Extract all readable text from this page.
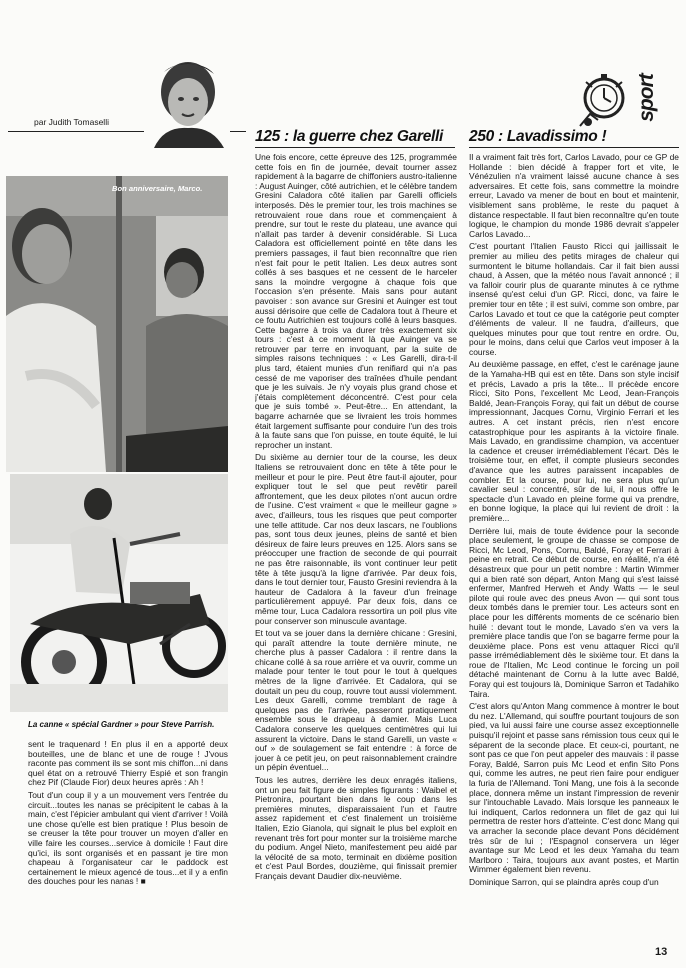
par Judith Tomaselli
sport
125 : la guerre chez Garelli 250 : Lavadissimo !
Bon anniversaire, Marco.
La canne « spécial Gardner » pour Steve Parrish.

Une fois encore, cette épreuve des 125, programmée cette fois en fin de journée, devait tourner assez rapidement à la bagarre de chiffoniers austro-italienne : August Auinger, côté autrichien, et le célèbre tandem Gresini Caladora côté italien par Garelli officiels interposés. Dès le premier tour, les trois machines se retrouvaient roue dans roue et commençaient à prendre, sur tout le reste du plateau, une avance qui n'allait pas tarder à devenir considérable. Si Luca Caladora est officiellement pointé en tête dans les premiers passages, il faut bien reconnaître que rien n'est fait pour le petit Italien. Les deux autres sont collés à ses basques et ne cessent de le harceler sans la moindre vergogne à chaque fois que l'occasion s'en présente. Mais sans pour autant pavoiser : son avance sur Gresini et Auinger est tout aussi dérisoire que celle de Cadalora tout à l'heure et ce foutu Autrichien est toujours collé à leurs basques. Cette bagarre à trois va durer très exactement six tours : c'est à ce moment là que Auinger va se retrouver par terre en invoquant, par la suite de simples raisons techniques : « Les Garelli, dira-t-il plus tard, étaient munies d'un renifiard qui n'a pas cessé de me vaporiser des traînées d'huile pendant que je les suivais. Je n'y voyais plus grand chose et j'étais complètement déconcentré. C'est pour cela que je suis tombé ». Peut-être... En attendant, la bagarre acharnée que se livraient les trois hommes était largement suffisante pour conduire l'un des trois à la faute sans que l'on puisse, en toute équité, le lui reprocher un instant.

Du sixième au dernier tour de la course, les deux Italiens se retrouvaient donc en tête à tête pour le meilleur et pour le pire. Peut être faut-il ajouter, pour expliquer tout le sel que peut revêtir pareil affrontement, que les deux pilotes n'ont aucun ordre de l'usine. C'est vraiment « que le meilleur gagne » avec, d'ailleurs, tous les risques que peut comporter une telle attitude. Car nos deux lascars, ne l'oublions pas, sont tous deux jeunes, pleins de santé et bien désireux de faire leurs preuves en 125. Alors sans se préoccuper une fraction de seconde de qui pourrait ne pas être raisonnable, ils vont continuer leur petit tête à tête jusqu'à la ligne d'arrivée. Par deux fois, dans le tout dernier tour, Fausto Gresini reviendra à la hauteur de Cadalora à la faveur d'un freinage particulièrement appuyé. Par deux fois, dans ce même tour, Luca Cadalora ressortira un poil plus vite pour conserver son minuscule avantage.

Et tout va se jouer dans la dernière chicane : Gresini, qui paraît attendre la toute dernière minute, ne cherche plus à passer Cadalora : il rentre dans la chicane collé à sa roue arrière et va ouvrir, comme un malade pour tenter le tout pour le tout à quelques mètres de la ligne d'arrivée. Et Cadalora, qui se doutait un peu du coup, rouvre tout aussi violemment. Les deux Garelli, comme tremblant de rage à quelques pas de l'arrivée, passeront pratiquement ensemble sous le drapeau à damier. Mais Luca Cadalora conserve les quelques centimètres qui lui assurent la victoire. Dans le stand Garelli, un vaste « ouf » de soulagement se fait entendre : à force de jouer à ce petit jeu, on peut raisonnablement craindre un pépin éventuel...

Tous les autres, derrière les deux enragés italiens, ont un peu fait figure de simples figurants : Waibel et Pietronira, pourtant bien dans le coup dans les premières minutes, disparaissaient l'un et l'autre assez rapidement et c'est finalement un troisième Italien, Ezio Gianola, qui signait le plus bel exploit en revenant très fort pour monter sur la troisième marche du podium. Angel Nieto, manifestement peu aidé par la vélocité de sa moto, terminait en dixième position et c'est Paul Bordes, douzième, qui finissait premier Français devant Daudier dix-neuvième.

Il a vraiment fait très fort, Carlos Lavado, pour ce GP de Hollande : bien décidé à frapper fort et vite, le Vénézulien n'a vraiment laissé aucune chance à ses adversaires. Et cette fois, sans commettre la moindre erreur, Lavado va mener de bout en bout et maintenir, visiblement sans problème, le reste du paquet à distance respectable. Il faut bien reconnaître qu'en toute logique, le champion du monde 1986 devrait s'appeler Carlos Lavado...

C'est pourtant l'Italien Fausto Ricci qui jaillissait le premier au milieu des petits mirages de chaleur qui surmontent le bitume hollandais. Car il fait bien aussi chaud, à Assen, que la météo nous l'avait annoncé ; il va falloir courir plus de quarante minutes à ce rythme insensé qu'est celui d'un GP. Ricci, donc, va faire le premier tour en tête ; il est suivi, comme son ombre, par Carlos Lavado et tout ce que la catégorie peut compter d'éléments de valeur. Il ne faudra, d'ailleurs, que quelques minutes pour que tout rentre en ordre. Ou, pour le moins, dans celui que Carlos veut imposer à la course.

Au deuxième passage, en effet, c'est le carénage jaune de la Yamaha-HB qui est en tête. Dans son style incisif et précis, Lavado a pris la tête... Il précède encore Ricci, Sito Pons, l'excellent Mc Leod, Jean-François Baldé, Jean-François Foray, qui fait un début de course impressionnant, Jacques Cornu, Virginio Ferrari et les autres. A cet instant précis, rien n'est encore catastrophique pour les aspirants à la victoire finale. Mais Lavado, en grandissime champion, va accentuer la cadence et creuser irrémédiablement l'écart. Dès le troisième tour, en effet, il compte plusieurs secondes d'avance que les autres paraissent incapables de combler. Et la course, pour lui, ne sera plus qu'un cavalier seul : concentré, sûr de lui, il nous offre le spectacle d'un Lavado en pleine forme qui va prendre, en bonne logique, la place qui lui revient de droit : la première...

Derrière lui, mais de toute évidence pour la seconde place seulement, le groupe de chasse se compose de Ricci, Mc Leod, Pons, Cornu, Baldé, Foray et Ferrari à peine en retrait. Ce début de course, en réalité, n'a été désastreux que pour un petit nombre : Martin Wimmer qui a bien raté son départ, Anton Mang qui s'est laissé enfermer, Manfred Herweh et Andy Watts — le seul pilote qui roule avec des pneus Avon — qui sont tous deux tombés dans le premier tour. Les acteurs sont en place pour les différents moments de ce scénario bien huilé : devant tout le monde, Lavado s'en va vers la première place tandis que l'on se bagarre ferme pour la deuxième place. Pons est venu attaquer Ricci qu'il passe irrémédiablement dès le sixième tour. Et dans la roue de l'Italien, Mc Leod continue le forcing un poil détaché maintenant de Cornu à la lutte avec Baldé, Foray qui est toujours là, Dominique Sarron et Tadahiko Taira.

C'est alors qu'Anton Mang commence à montrer le bout du nez. L'Allemand, qui souffre pourtant toujours de son pied, va lui aussi faire une course assez exceptionnelle puisqu'il rejoint et passe sans rémission tous ceux qui le séparent de la seconde place. Et ceux-ci, pourtant, ne sont pas ce que l'on peut appeler des mauvais : il passe Foray, Baldé, Sarron puis Mc Leod et enfin Sito Pons qui, comme les autres, ne peut rien faire pour endiguer la furia de l'Allemand. Toni Mang, une fois à la seconde place, donnera même un instant l'impression de revenir sur l'intouchable Lavado. Mais lorsque les panneaux le lui indiquent, Carlos redonnera un filet de gaz qui lui permettra de rester hors d'atteinte. C'est donc Mang qui va arracher la seconde place devant Pons décidément très sûr de lui ; l'Espagnol conservera un léger avantage sur Mc Leod et les deux Yamaha du team Marlboro : Taira, toujours aux avant postes, et Martin Wimmer également bien revenu.

Dominique Sarron, qui se plaindra après coup d'un

sent le traquenard ! En plus il en a apporté deux bouteilles, une de blanc et une de rouge ! J'vous raconte pas comment ils se sont mis chiffon...ni dans quel état on a retrouvé Thierry Espié et son frangin chez Pif (Claude Fior) deux heures après : Ah !

Tout d'un coup il y a un mouvement vers l'entrée du circuit...toutes les nanas se précipitent le cabas à la main, c'est l'épicier ambulant qui vient d'arriver ! Voilà une chose qu'elle est bien pratique ! Plus besoin de se creuser la tête pour trouver un moyen d'aller en ville faire les courses...service à domicile ! Faut dire qu'ici, ils sont organisés et en passant je tire mon chapeau à l'organisateur car le paddock est certainement le mieux agencé de tous...et il y a enfin des douches pour les nanas ! ■

13
